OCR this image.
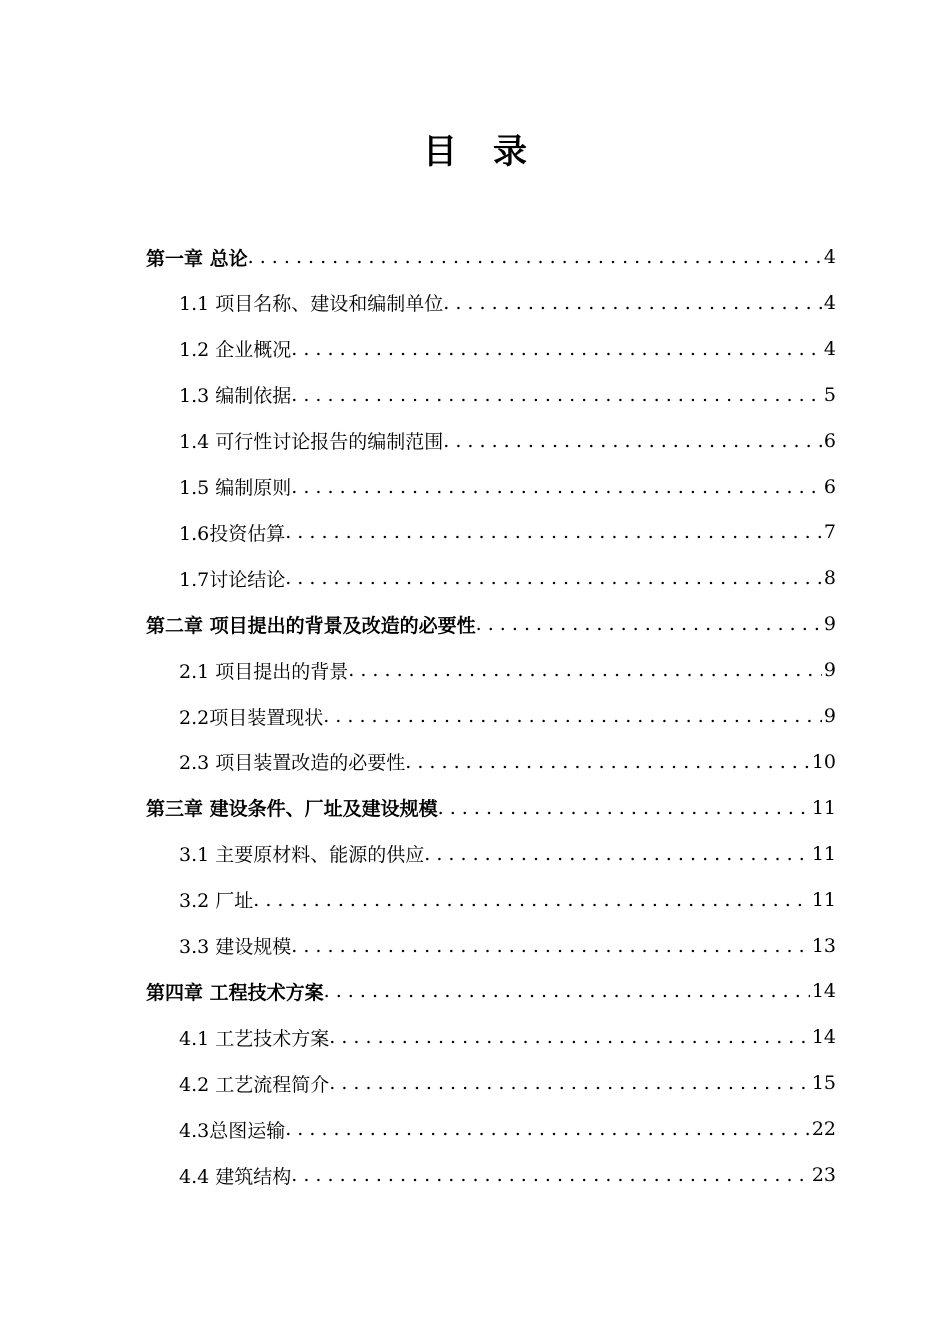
目录
第一章 总论 . . .	4
1.1 项目名称、建设和编制单位 . . .	4
1.2 企业概况 . . .	4
1.3 编制依据 . . .	5
1.4 可行性讨论报告的编制范围 . . .	6
1.5 编制原则 . . .	6
1.6投资估算 . . .	7
1.7讨论结论 . . .	8
第二章 项目提出的背景及改造的必要性 . . .	9
2.1 项目提出的背景 . . .	9
2.2项目装置现状 . . .	9
2.3 项目装置改造的必要性 . . .	10
第三章 建设条件、厂址及建设规模 . . .	11
3.1 主要原材料、能源的供应 . . .	11
3.2 厂址 . . .	11
3.3 建设规模 . . .	13
第四章 工程技术方案 . . .	14
4.1 工艺技术方案 . . .	14
4.2 工艺流程简介 . . .	15
4.3总图运输 . . .	22
4.4 建筑结构 . . .	23
